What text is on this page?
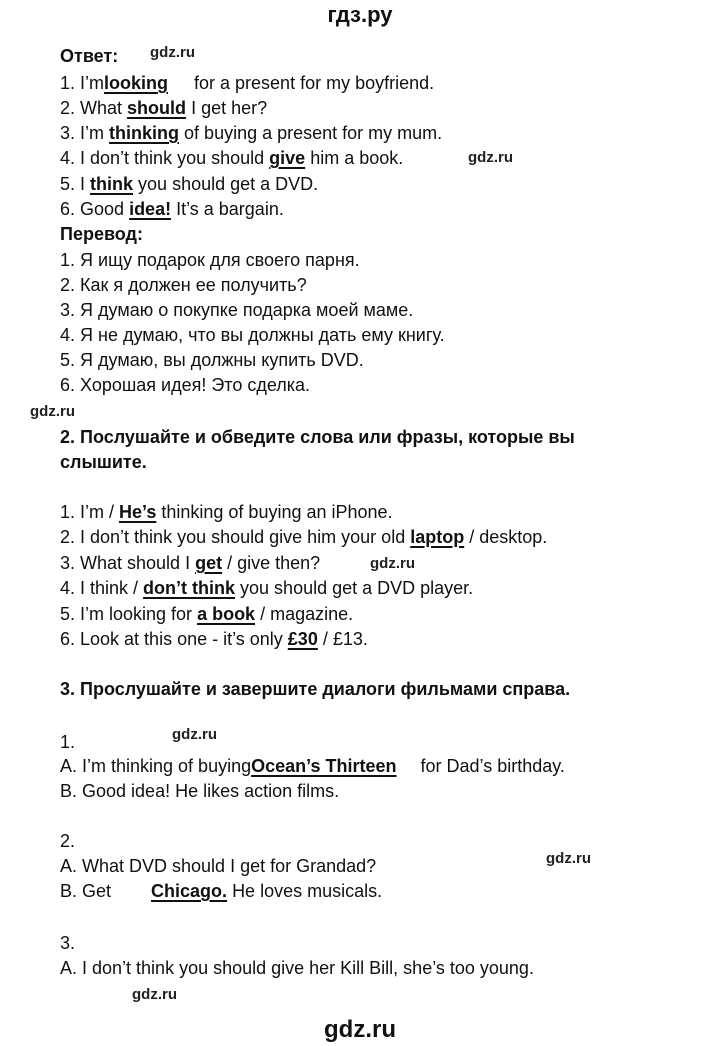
гдз.ру
Ответ: gdz.ru
1. I’mlooking for a present for my boyfriend.
2. What should I get her?
3. I’m thinking of buying a present for my mum.
4. I don’t think you should give him a book.	gdz.ru
5. I think you should get a DVD.
6. Good idea! It’s a bargain.
Перевод:
1. Я ищу подарок для своего парня.
2. Как я должен ее получить?
3. Я думаю о покупке подарка моей маме.
4. Я не думаю, что вы должны дать ему книгу.
5. Я думаю, вы должны купить DVD.
6. Хорошая идея! Это сделка.
gdz.ru
2. Послушайте и обведите слова или фразы, которые вы
слышите.
1. I’m / He’s thinking of buying an iPhone.
2. I don’t think you should give him your old laptop / desktop.
3. What should I get / give then?	gdz.ru
4. I think / don’t think you should get a DVD player.
5. I’m looking for a book / magazine.
6. Look at this one - it’s only £30 / £13.
3. Прослушайте и завершите диалоги фильмами справа.
gdz.ru
1.
A. I’m thinking of buyingOcean’s Thirteen for Dad’s birthday.
B. Good idea! He likes action films.
2.
A. What DVD should I get for Grandad?	gdz.ru
B. Get Chicago. He loves musicals.
3.
A. I don’t think you should give her Kill Bill, she’s too young.
gdz.ru
gdz.ru
